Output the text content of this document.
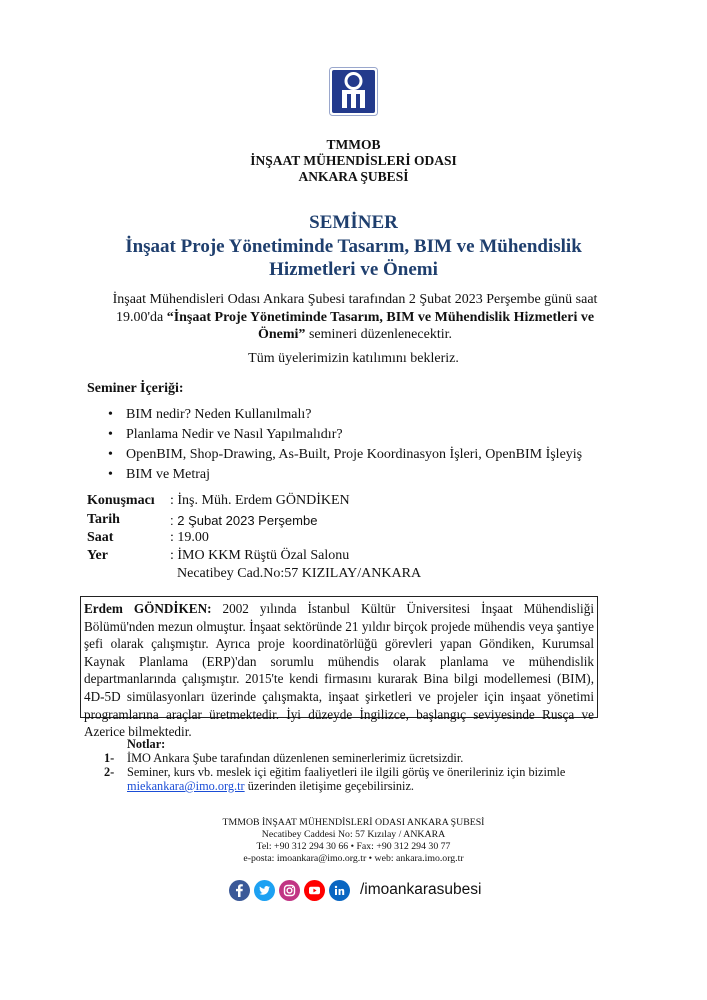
TMMOB
İNŞAAT MÜHENDİSLERİ ODASI
ANKARA ŞUBESİ
SEMİNER
İnşaat Proje Yönetiminde Tasarım, BIM ve Mühendislik
Hizmetleri ve Önemi
İnşaat Mühendisleri Odası Ankara Şubesi tarafından 2 Şubat 2023 Perşembe günü saat 19.00'da “İnşaat Proje Yönetiminde Tasarım, BIM ve Mühendislik Hizmetleri ve Önemi” semineri düzenlenecektir.
Tüm üyelerimizin katılımını bekleriz.
Seminer İçeriği:
• BIM nedir? Neden Kullanılmalı?
• Planlama Nedir ve Nasıl Yapılmalıdır?
• OpenBIM, Shop-Drawing, As-Built, Proje Koordinasyon İşleri, OpenBIM İşleyiş
• BIM ve Metraj
Konuşmacı : İnş. Müh. Erdem GÖNDİKEN
Tarih	: 2 Şubat 2023 Perşembe
Saat	: 19.00
Yer	: İMO KKM Rüştü Özal Salonu
Necatibey Cad.No:57 KIZILAY/ANKARA
Erdem GÖNDİKEN: 2002 yılında İstanbul Kültür Üniversitesi İnşaat Mühendisliği Bölümü'nden mezun olmuştur. İnşaat sektöründe 21 yıldır birçok projede mühendis veya şantiye şefi olarak çalışmıştır. Ayrıca proje koordinatörlüğü görevleri yapan Göndiken, Kurumsal Kaynak Planlama (ERP)'dan sorumlu mühendis olarak planlama ve mühendislik departmanlarında çalışmıştır. 2015'te kendi firmasını kurarak Bina bilgi modellemesi (BIM), 4D-5D simülasyonları üzerinde çalışmakta, inşaat şirketleri ve projeler için inşaat yönetimi programlarına araçlar üretmektedir. İyi düzeyde İngilizce, başlangıç seviyesinde Rusça ve Azerice bilmektedir.
Notlar:
1- İMO Ankara Şube tarafından düzenlenen seminerlerimiz ücretsizdir.
2- Seminer, kurs vb. meslek içi eğitim faaliyetleri ile ilgili görüş ve önerileriniz için bizimle
miekankara@imo.org.tr üzerinden iletişime geçebilirsiniz.
TMMOB İNŞAAT MÜHENDİSLERİ ODASI ANKARA ŞUBESİ
Necatibey Caddesi No: 57 Kızılay / ANKARA
Tel: +90 312 294 30 66 • Fax: +90 312 294 30 77
e-posta: imoankara@imo.org.tr • web: ankara.imo.org.tr
/imoankarasubesi
